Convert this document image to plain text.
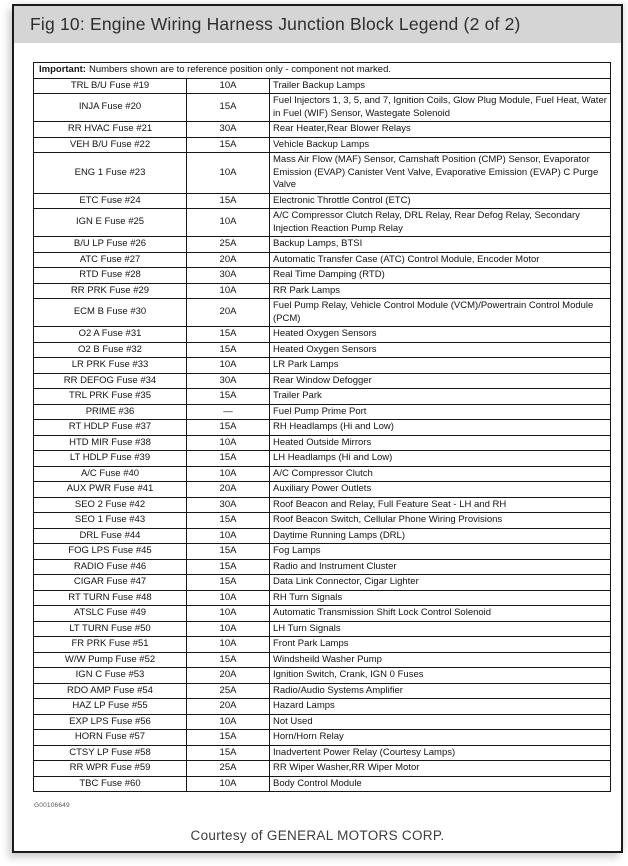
Fig 10: Engine Wiring Harness Junction Block Legend (2 of 2)
Important: Numbers shown are to reference position only - component not marked.		
TRL B/U Fuse #19	10A	Trailer Backup Lamps
INJA Fuse #20	15A	Fuel Injectors 1, 3, 5, and 7, Ignition Coils, Glow Plug Module, Fuel Heat, Water in Fuel (WIF) Sensor, Wastegate Solenoid
RR HVAC Fuse #21	30A	Rear Heater,Rear Blower Relays
VEH B/U Fuse #22	15A	Vehicle Backup Lamps
ENG 1 Fuse #23	10A	Mass Air Flow (MAF) Sensor, Camshaft Position (CMP) Sensor, Evaporator Emission (EVAP) Canister Vent Valve, Evaporative Emission (EVAP) C Purge Valve
ETC Fuse #24	15A	Electronic Throttle Control (ETC)
IGN E Fuse #25	10A	A/C Compressor Clutch Relay, DRL Relay, Rear Defog Relay, Secondary Injection Reaction Pump Relay
B/U LP Fuse #26	25A	Backup Lamps, BTSI
ATC Fuse #27	20A	Automatic Transfer Case (ATC) Control Module, Encoder Motor
RTD Fuse #28	30A	Real Time Damping (RTD)
RR PRK Fuse #29	10A	RR Park Lamps
ECM B Fuse #30	20A	Fuel Pump Relay, Vehicle Control Module (VCM)/Powertrain Control Module (PCM)
O2 A Fuse #31	15A	Heated Oxygen Sensors
O2 B Fuse #32	15A	Heated Oxygen Sensors
LR PRK Fuse #33	10A	LR Park Lamps
RR DEFOG Fuse #34	30A	Rear Window Defogger
TRL PRK Fuse #35	15A	Trailer Park
PRIME #36	—	Fuel Pump Prime Port
RT HDLP Fuse #37	15A	RH Headlamps (Hi and Low)
HTD MIR Fuse #38	10A	Heated Outside Mirrors
LT HDLP Fuse #39	15A	LH Headlamps (Hi and Low)
A/C Fuse #40	10A	A/C Compressor Clutch
AUX PWR Fuse #41	20A	Auxiliary Power Outlets
SEO 2 Fuse #42	30A	Roof Beacon and Relay, Full Feature Seat - LH and RH
SEO 1 Fuse #43	15A	Roof Beacon Switch, Cellular Phone Wiring Provisions
DRL Fuse #44	10A	Daytime Running Lamps (DRL)
FOG LPS Fuse #45	15A	Fog Lamps
RADIO Fuse #46	15A	Radio and Instrument Cluster
CIGAR Fuse #47	15A	Data Link Connector, Cigar Lighter
RT TURN Fuse #48	10A	RH Turn Signals
ATSLC Fuse #49	10A	Automatic Transmission Shift Lock Control Solenoid
LT TURN Fuse #50	10A	LH Turn Signals
FR PRK Fuse #51	10A	Front Park Lamps
W/W Pump Fuse #52	15A	Windsheild Washer Pump
IGN C Fuse #53	20A	Ignition Switch, Crank, IGN 0 Fuses
RDO AMP Fuse #54	25A	Radio/Audio Systems Amplifier
HAZ LP Fuse #55	20A	Hazard Lamps
EXP LPS Fuse #56	10A	Not Used
HORN Fuse #57	15A	Horn/Horn Relay
CTSY LP Fuse #58	15A	Inadvertent Power Relay (Courtesy Lamps)
RR WPR Fuse #59	25A	RR Wiper Washer,RR Wiper Motor
TBC Fuse #60	10A	Body Control Module
G00106649
Courtesy of GENERAL MOTORS CORP.
